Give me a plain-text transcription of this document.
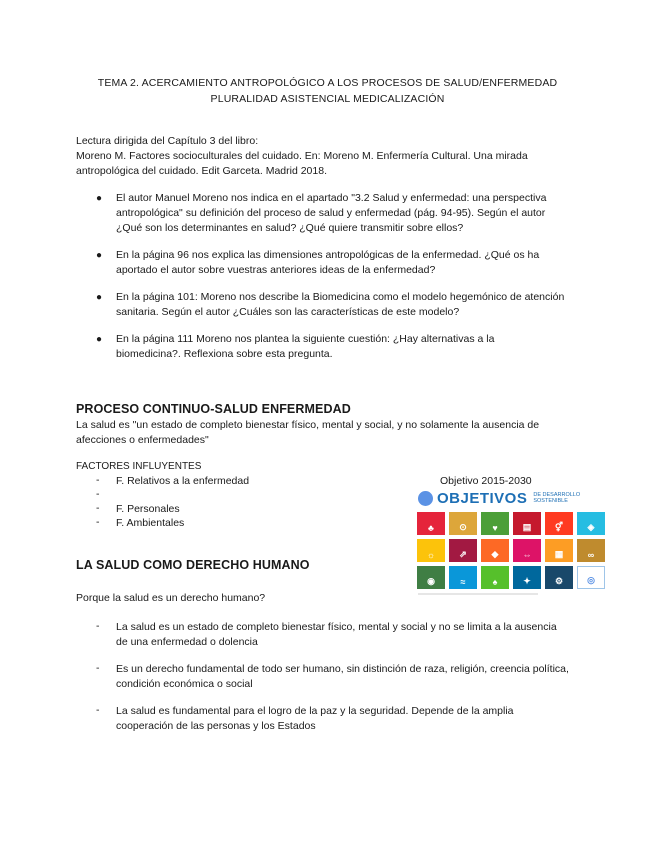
TEMA 2. ACERCAMIENTO ANTROPOLÓGICO A LOS PROCESOS DE SALUD/ENFERMEDAD
PLURALIDAD ASISTENCIAL MEDICALIZACIÓN
Lectura dirigida del Capítulo 3 del libro:
Moreno M. Factores socioculturales del cuidado. En: Moreno M. Enfermería Cultural. Una mirada
antropológica del cuidado. Edit Garceta. Madrid 2018.
● El autor Manuel Moreno nos indica en el apartado "3.2 Salud y enfermedad: una perspectiva
antropológica" su definición del proceso de salud y enfermedad (pág. 94-95). Según el autor
¿Qué son los determinantes en salud? ¿Qué quiere transmitir sobre ellos?
● En la página 96 nos explica las dimensiones antropológicas de la enfermedad. ¿Qué os ha
aportado el autor sobre vuestras anteriores ideas de la enfermedad?
● En la página 101: Moreno nos describe la Biomedicina como el modelo hegemónico de atención
sanitaria. Según el autor ¿Cuáles son las características de este modelo?
● En la página 111 Moreno nos plantea la siguiente cuestión: ¿Hay alternativas a la
biomedicina?. Reflexiona sobre esta pregunta.
PROCESO CONTINUO-SALUD ENFERMEDAD
La salud es "un estado de completo bienestar físico, mental y social, y no solamente la ausencia de
afecciones o enfermedades"
FACTORES INFLUYENTES
- F. Relativos a la enfermedad
-
- F. Personales
- F. Ambientales
Objetivo 2015-2030
OBJETIVOS DE DESARROLLO
SOSTENIBLE
♣	⊙	♥	▤	⚥	◈
☼	⇗	◆	⇔	▦	∞
◉	≈	♠	✦	⚙	◎
LA SALUD COMO DERECHO HUMANO
Porque la salud es un derecho humano?
- La salud es un estado de completo bienestar físico, mental y social y no se limita a la ausencia
de una enfermedad o dolencia
- Es un derecho fundamental de todo ser humano, sin distinción de raza, religión, creencia política,
condición económica o social
- La salud es fundamental para el logro de la paz y la seguridad. Depende de la amplia
cooperación de las personas y los Estados
